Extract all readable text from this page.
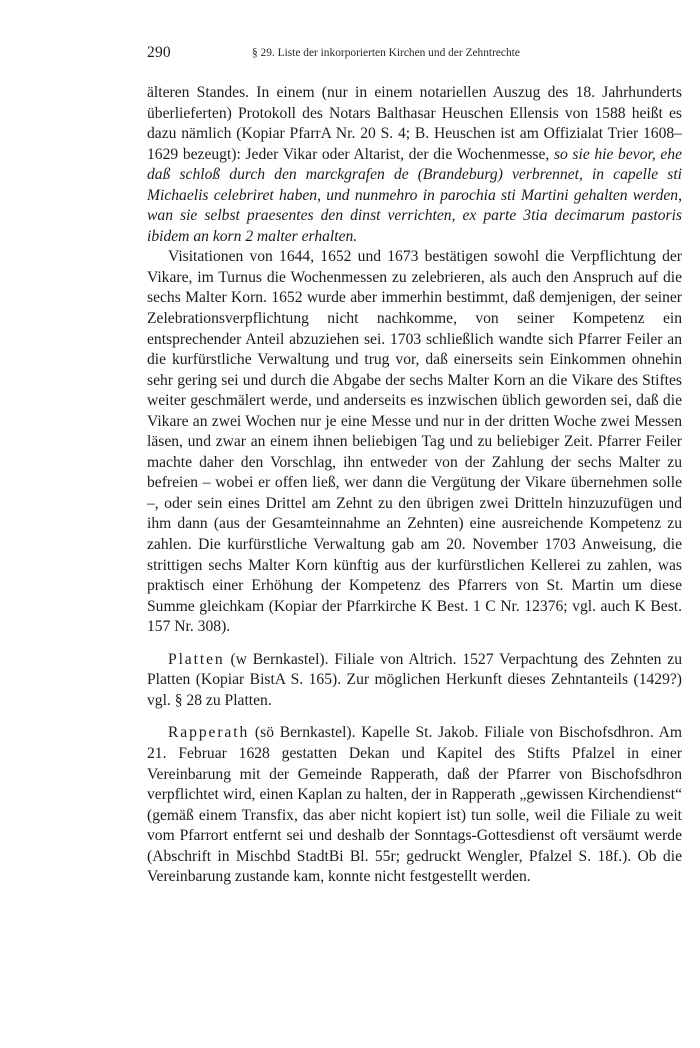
290	§ 29. Liste der inkorporierten Kirchen und der Zehntrechte

älteren Standes. In einem (nur in einem notariellen Auszug des 18. Jahrhunderts überlieferten) Protokoll des Notars Balthasar Heuschen Ellensis von 1588 heißt es dazu nämlich (Kopiar PfarrA Nr. 20 S. 4; B. Heuschen ist am Offizialat Trier 1608–1629 bezeugt): Jeder Vikar oder Altarist, der die Wochenmesse, so sie hie bevor, ehe daß schloß durch den marckgrafen de (Brandeburg) verbrennet, in capelle sti Michaelis celebriret haben, und nunmehro in parochia sti Martini gehalten werden, wan sie selbst praesentes den dinst verrichten, ex parte 3tia decimarum pastoris ibidem an korn 2 malter erhalten.

Visitationen von 1644, 1652 und 1673 bestätigen sowohl die Verpflichtung der Vikare, im Turnus die Wochenmessen zu zelebrieren, als auch den Anspruch auf die sechs Malter Korn. 1652 wurde aber immerhin bestimmt, daß demjenigen, der seiner Zelebrationsverpflichtung nicht nachkomme, von seiner Kompetenz ein entsprechender Anteil abzuziehen sei. 1703 schließlich wandte sich Pfarrer Feiler an die kurfürstliche Verwaltung und trug vor, daß einerseits sein Einkommen ohnehin sehr gering sei und durch die Abgabe der sechs Malter Korn an die Vikare des Stiftes weiter geschmälert werde, und anderseits es inzwischen üblich geworden sei, daß die Vikare an zwei Wochen nur je eine Messe und nur in der dritten Woche zwei Messen läsen, und zwar an einem ihnen beliebigen Tag und zu beliebiger Zeit. Pfarrer Feiler machte daher den Vorschlag, ihn entweder von der Zahlung der sechs Malter zu befreien – wobei er offen ließ, wer dann die Vergütung der Vikare übernehmen solle –, oder sein eines Drittel am Zehnt zu den übrigen zwei Dritteln hinzuzufügen und ihm dann (aus der Gesamteinnahme an Zehnten) eine ausreichende Kompetenz zu zahlen. Die kurfürstliche Verwaltung gab am 20. November 1703 Anweisung, die strittigen sechs Malter Korn künftig aus der kurfürstlichen Kellerei zu zahlen, was praktisch einer Erhöhung der Kompetenz des Pfarrers von St. Martin um diese Summe gleichkam (Kopiar der Pfarrkirche K Best. 1 C Nr. 12376; vgl. auch K Best. 157 Nr. 308).

Platten (w Bernkastel). Filiale von Altrich. 1527 Verpachtung des Zehnten zu Platten (Kopiar BistA S. 165). Zur möglichen Herkunft dieses Zehntanteils (1429?) vgl. § 28 zu Platten.

Rapperath (sö Bernkastel). Kapelle St. Jakob. Filiale von Bischofsdhron. Am 21. Februar 1628 gestatten Dekan und Kapitel des Stifts Pfalzel in einer Vereinbarung mit der Gemeinde Rapperath, daß der Pfarrer von Bischofsdhron verpflichtet wird, einen Kaplan zu halten, der in Rapperath „gewissen Kirchendienst“ (gemäß einem Transfix, das aber nicht kopiert ist) tun solle, weil die Filiale zu weit vom Pfarrort entfernt sei und deshalb der Sonntags-Gottesdienst oft versäumt werde (Abschrift in Mischbd StadtBi Bl. 55r; gedruckt Wengler, Pfalzel S. 18f.). Ob die Vereinbarung zustande kam, konnte nicht festgestellt werden.
